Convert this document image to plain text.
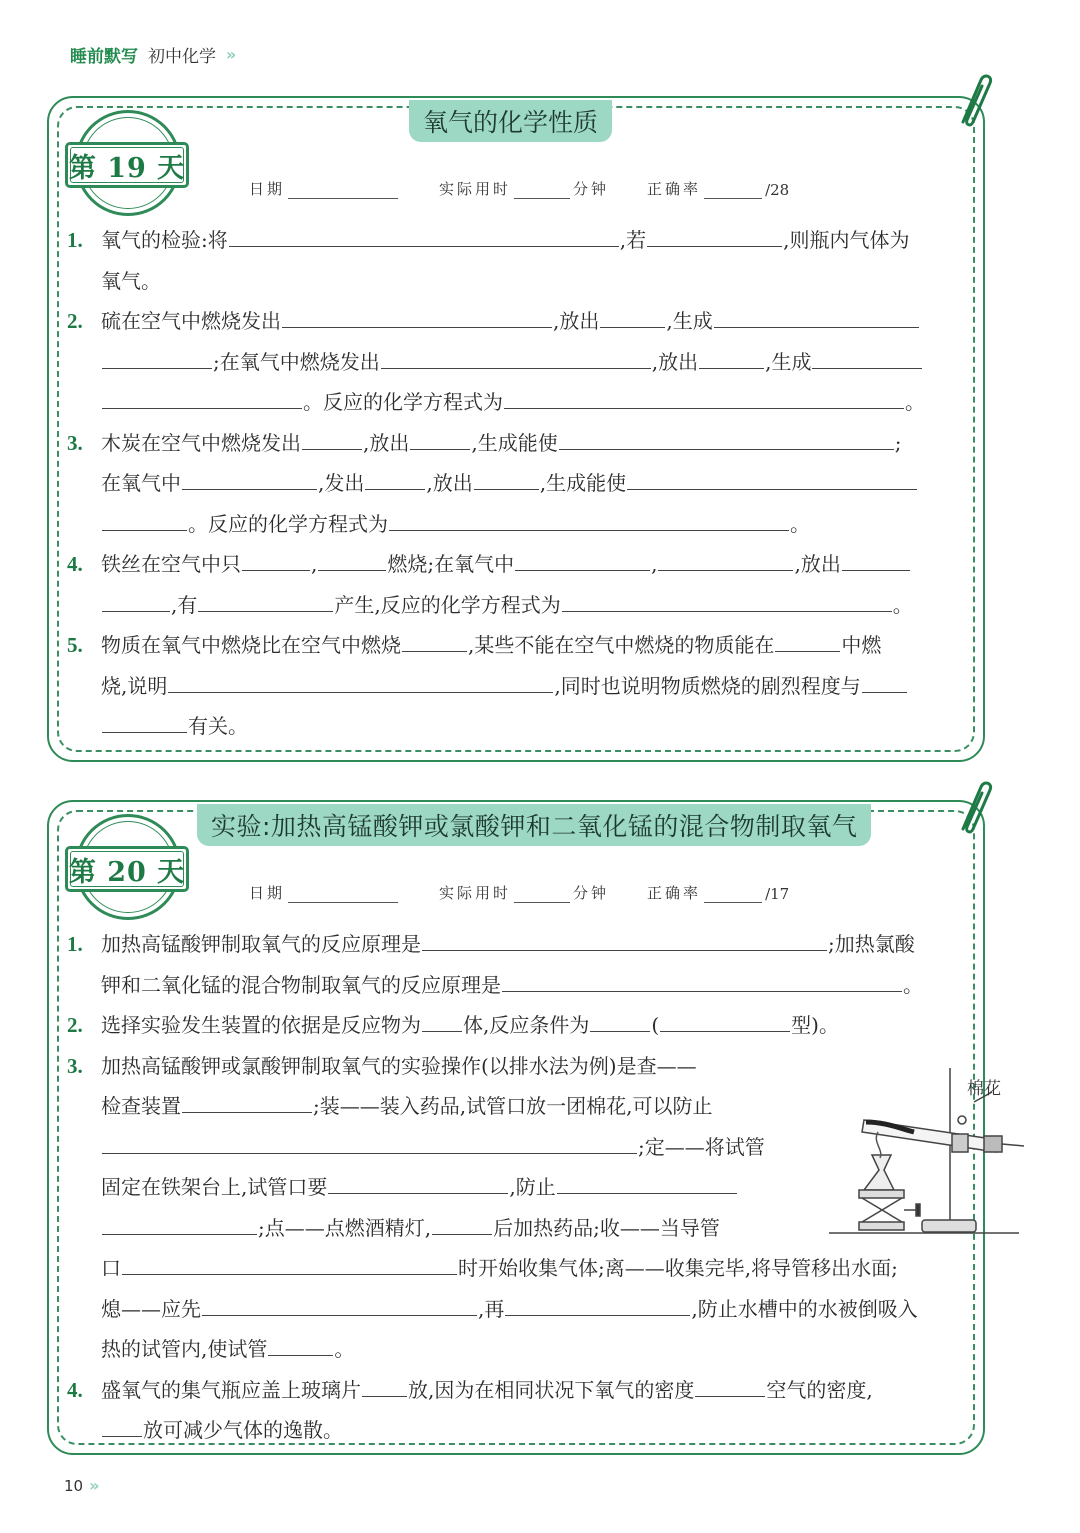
睡前默写 初中化学 »
第 19 天
氧气的化学性质
日期	实际用时	分钟	正确率	/28
1. 氧气的检验:将	,若	,则瓶内气体为
氧气。
2. 硫在空气中燃烧发出	,放出	,生成
;在氧气中燃烧发出	,放出	,生成
。反应的化学方程式为	。
3. 木炭在空气中燃烧发出	,放出	,生成能使	;
在氧气中	,发出	,放出	,生成能使
。反应的化学方程式为	。
4. 铁丝在空气中只	,	燃烧;在氧气中	,	,放出
,有	产生,反应的化学方程式为	。
5. 物质在氧气中燃烧比在空气中燃烧	,某些不能在空气中燃烧的物质能在	中燃
烧,说明	,同时也说明物质燃烧的剧烈程度与
有关。
第 20 天
实验:加热高锰酸钾或氯酸钾和二氧化锰的混合物制取氧气
日期	实际用时	分钟	正确率	/17
1. 加热高锰酸钾制取氧气的反应原理是	;加热氯酸
钾和二氧化锰的混合物制取氧气的反应原理是	。
2. 选择实验发生装置的依据是反应物为 体,反应条件为	(	型)。
3. 加热高锰酸钾或氯酸钾制取氧气的实验操作(以排水法为例)是查——
检查装置	;装——装入药品,试管口放一团棉花,可以防止
;定——将试管
固定在铁架台上,试管口要	,防止
;点——点燃酒精灯,	后加热药品;收——当导管
口	时开始收集气体;离——收集完毕,将导管移出水面;
熄——应先	,再	,防止水槽中的水被倒吸入
热的试管内,使试管	。
4. 盛氧气的集气瓶应盖上玻璃片 放,因为在相同状况下氧气的密度	空气的密度,
放可减少气体的逸散。
棉花
10 »
